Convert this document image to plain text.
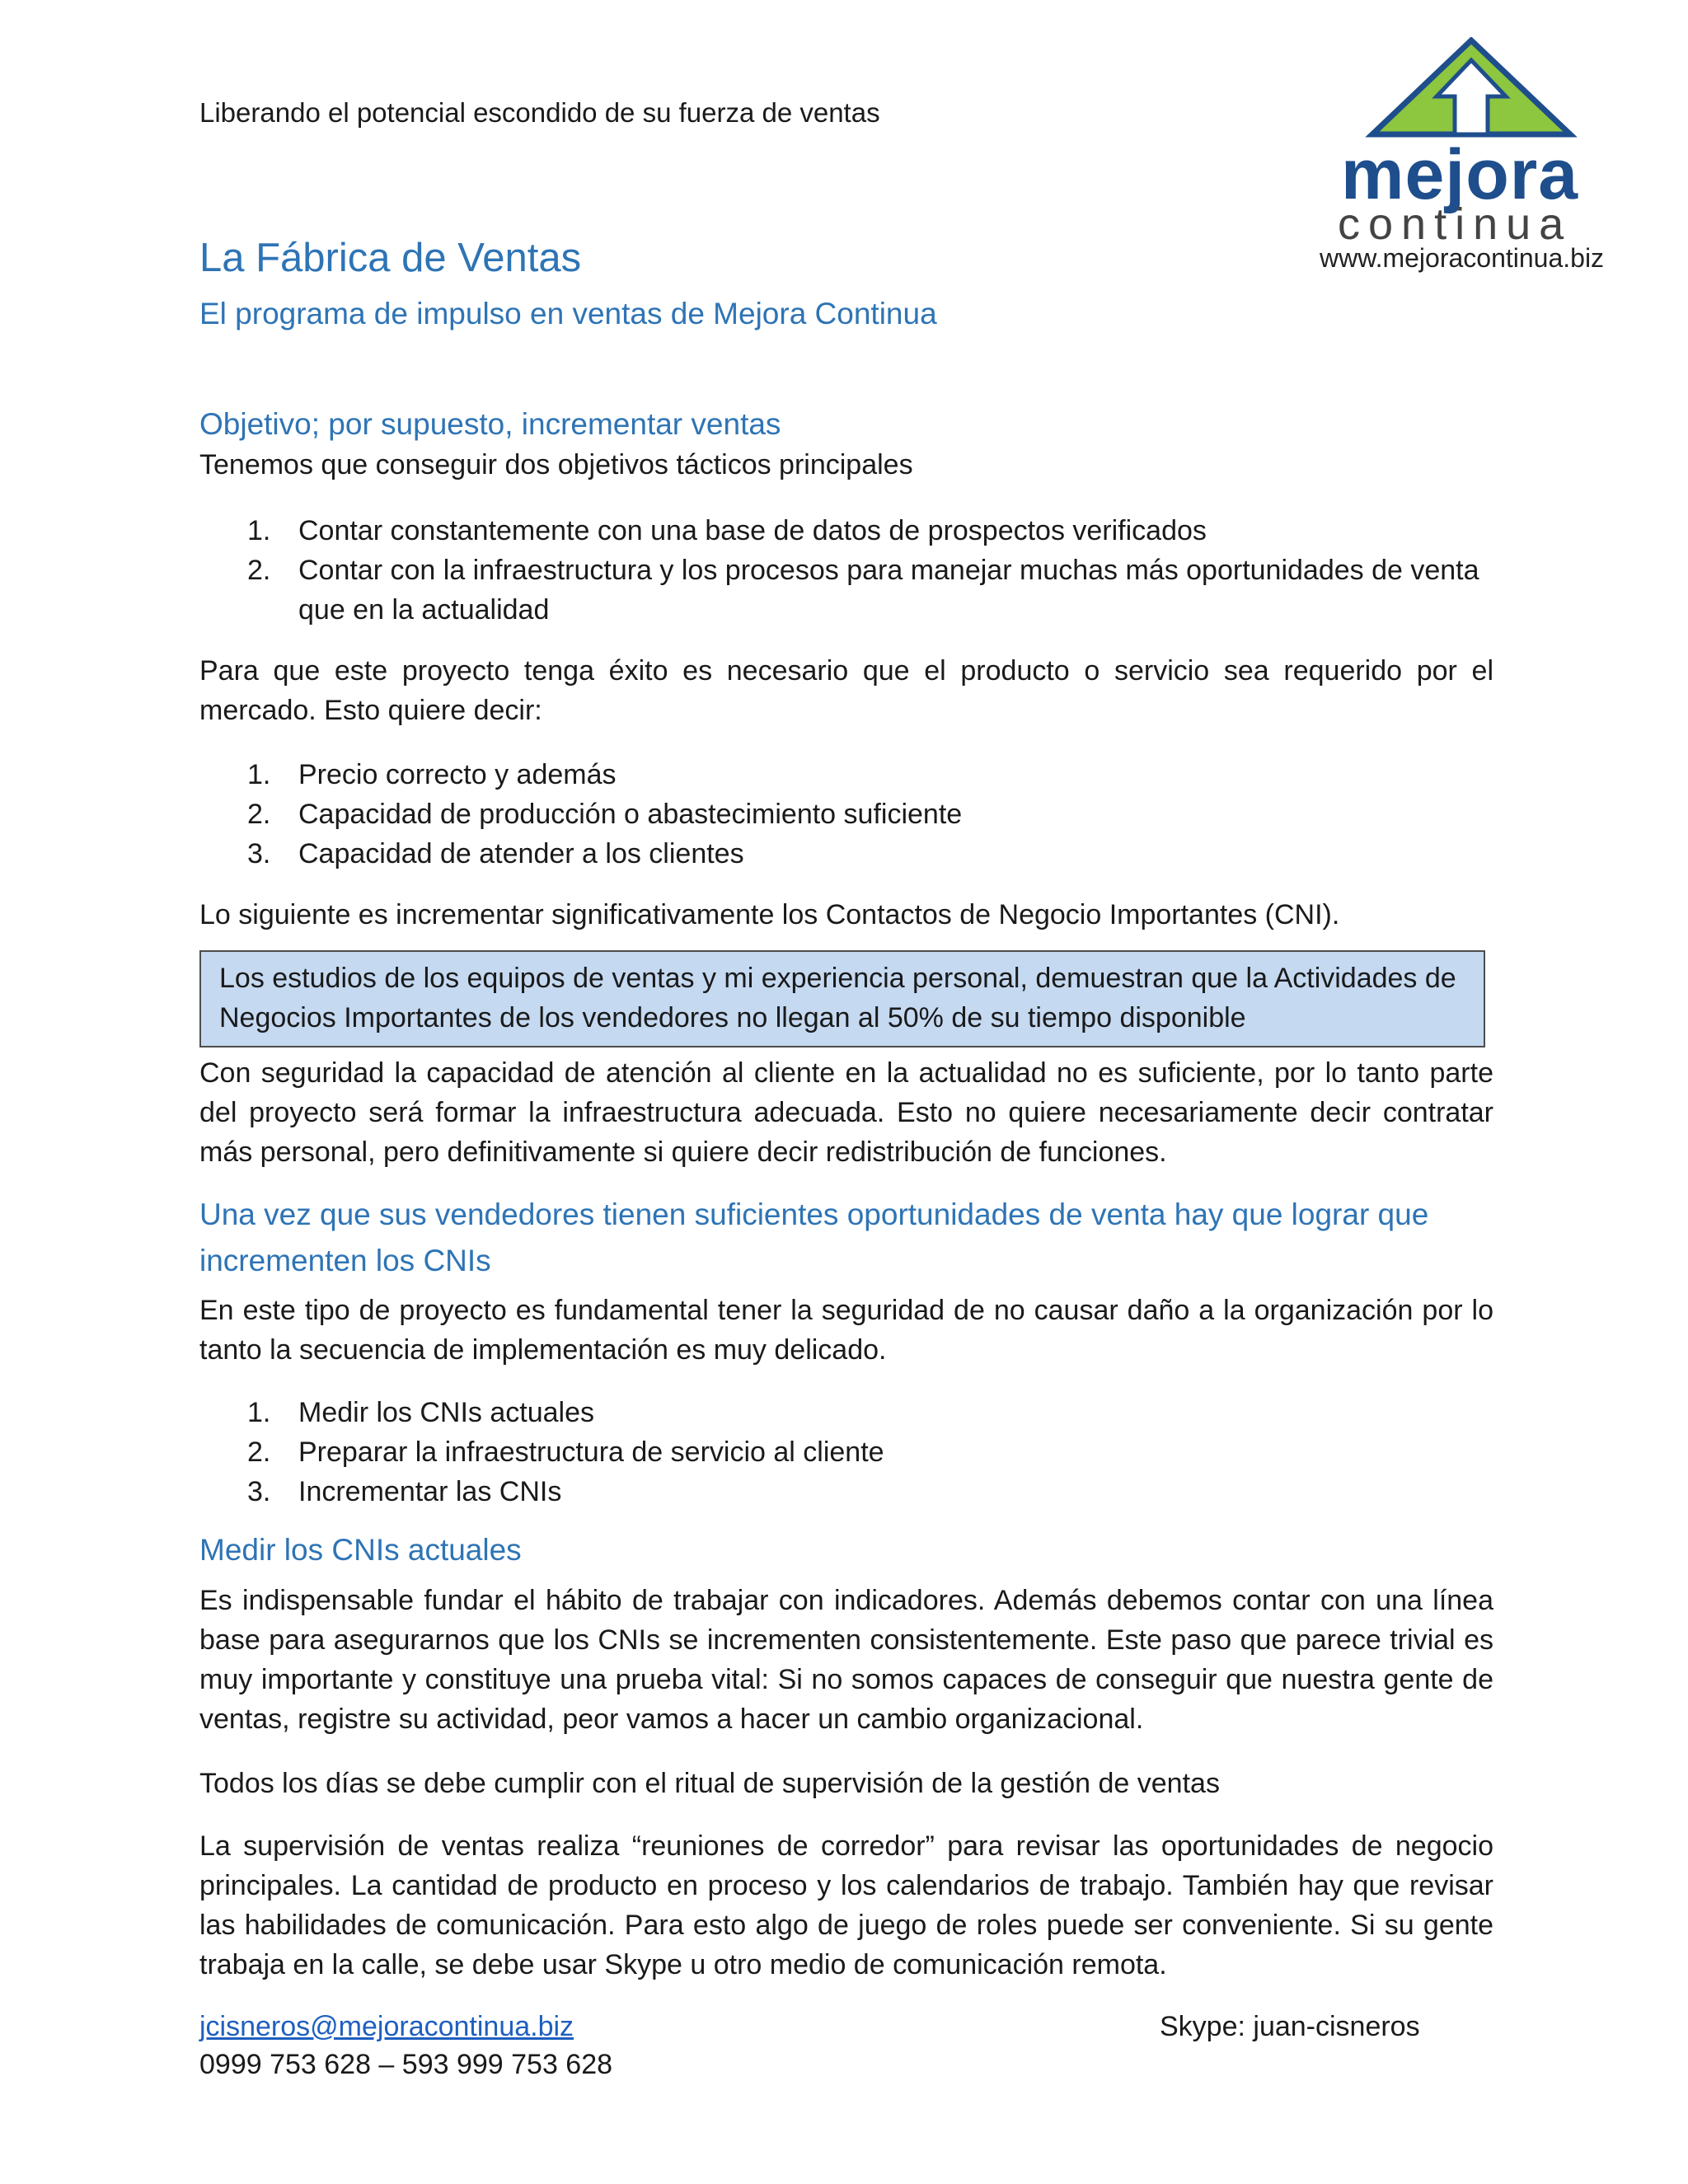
Liberando el potencial escondido de su fuerza de ventas
mejora
continua
www.mejoracontinua.biz
La Fábrica de Ventas
El programa de impulso en ventas de Mejora Continua
Objetivo; por supuesto, incrementar ventas
Tenemos que conseguir dos objetivos tácticos principales
1. Contar constantemente con una base de datos de prospectos verificados
2. Contar con la infraestructura y los procesos para manejar muchas más oportunidades de venta que en la actualidad
Para que este proyecto tenga éxito es necesario que el producto o servicio sea requerido por el mercado. Esto quiere decir:
1. Precio correcto y además
2. Capacidad de producción o abastecimiento suficiente
3. Capacidad de atender a los clientes
Lo siguiente es incrementar significativamente los Contactos de Negocio Importantes (CNI).
Los estudios de los equipos de ventas y mi experiencia personal, demuestran que la Actividades de Negocios Importantes de los vendedores no llegan al 50% de su tiempo disponible
Con seguridad la capacidad de atención al cliente en la actualidad no es suficiente, por lo tanto parte del proyecto será formar la infraestructura adecuada. Esto no quiere necesariamente decir contratar más personal, pero definitivamente si quiere decir redistribución de funciones.
Una vez que sus vendedores tienen suficientes oportunidades de venta hay que lograr que incrementen los CNIs
En este tipo de proyecto es fundamental tener la seguridad de no causar daño a la organización por lo tanto la secuencia de implementación es muy delicado.
1. Medir los CNIs actuales
2. Preparar la infraestructura de servicio al cliente
3. Incrementar las CNIs
Medir los CNIs actuales
Es indispensable fundar el hábito de trabajar con indicadores. Además debemos contar con una línea base para asegurarnos que los CNIs se incrementen consistentemente. Este paso que parece trivial es muy importante y constituye una prueba vital: Si no somos capaces de conseguir que nuestra gente de ventas, registre su actividad, peor vamos a hacer un cambio organizacional.
Todos los días se debe cumplir con el ritual de supervisión de la gestión de ventas
La supervisión de ventas realiza “reuniones de corredor” para revisar las oportunidades de negocio principales. La cantidad de producto en proceso y los calendarios de trabajo. También hay que revisar las habilidades de comunicación. Para esto algo de juego de roles puede ser conveniente. Si su gente trabaja en la calle, se debe usar Skype u otro medio de comunicación remota.
jcisneros@mejoracontinua.biz
0999 753 628 – 593 999 753 628
Skype: juan-cisneros
